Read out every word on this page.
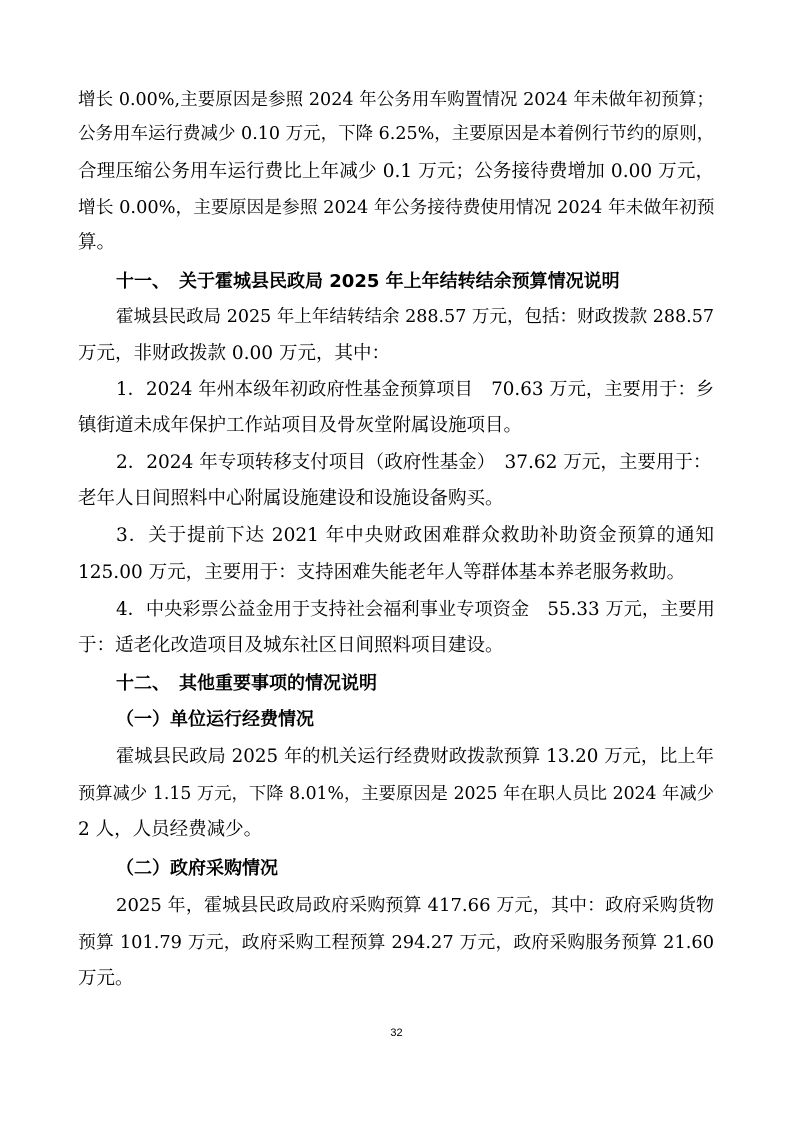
增长 0.00%,主要原因是参照 2024 年公务用车购置情况 2024 年未做年初预算；
公务用车运行费减少 0.10 万元，下降 6.25%，主要原因是本着例行节约的原则，
合理压缩公务用车运行费比上年减少 0.1 万元；公务接待费增加 0.00 万元，
增长 0.00%，主要原因是参照 2024 年公务接待费使用情况 2024 年未做年初预
算。
十一、　关于霍城县民政局 2025 年上年结转结余预算情况说明
霍城县民政局 2025 年上年结转结余 288.57 万元，包括：财政拨款 288.57
万元，非财政拨款 0.00 万元，其中：
1．2024 年州本级年初政府性基金预算项目　70.63 万元，主要用于：乡
镇街道未成年保护工作站项目及骨灰堂附属设施项目。
2．2024 年专项转移支付项目（政府性基金）　37.62 万元，主要用于：
老年人日间照料中心附属设施建设和设施设备购买。
3．关于提前下达 2021 年中央财政困难群众救助补助资金预算的通知
125.00 万元，主要用于：支持困难失能老年人等群体基本养老服务救助。
4．中央彩票公益金用于支持社会福利事业专项资金　55.33 万元，主要用
于：适老化改造项目及城东社区日间照料项目建设。
十二、　其他重要事项的情况说明
（一）单位运行经费情况
霍城县民政局 2025 年的机关运行经费财政拨款预算 13.20 万元，比上年
预算减少 1.15 万元，下降 8.01%，主要原因是 2025 年在职人员比 2024 年减少
2 人，人员经费减少。
（二）政府采购情况
2025 年，霍城县民政局政府采购预算 417.66 万元，其中：政府采购货物
预算 101.79 万元，政府采购工程预算 294.27 万元，政府采购服务预算 21.60
万元。
32
